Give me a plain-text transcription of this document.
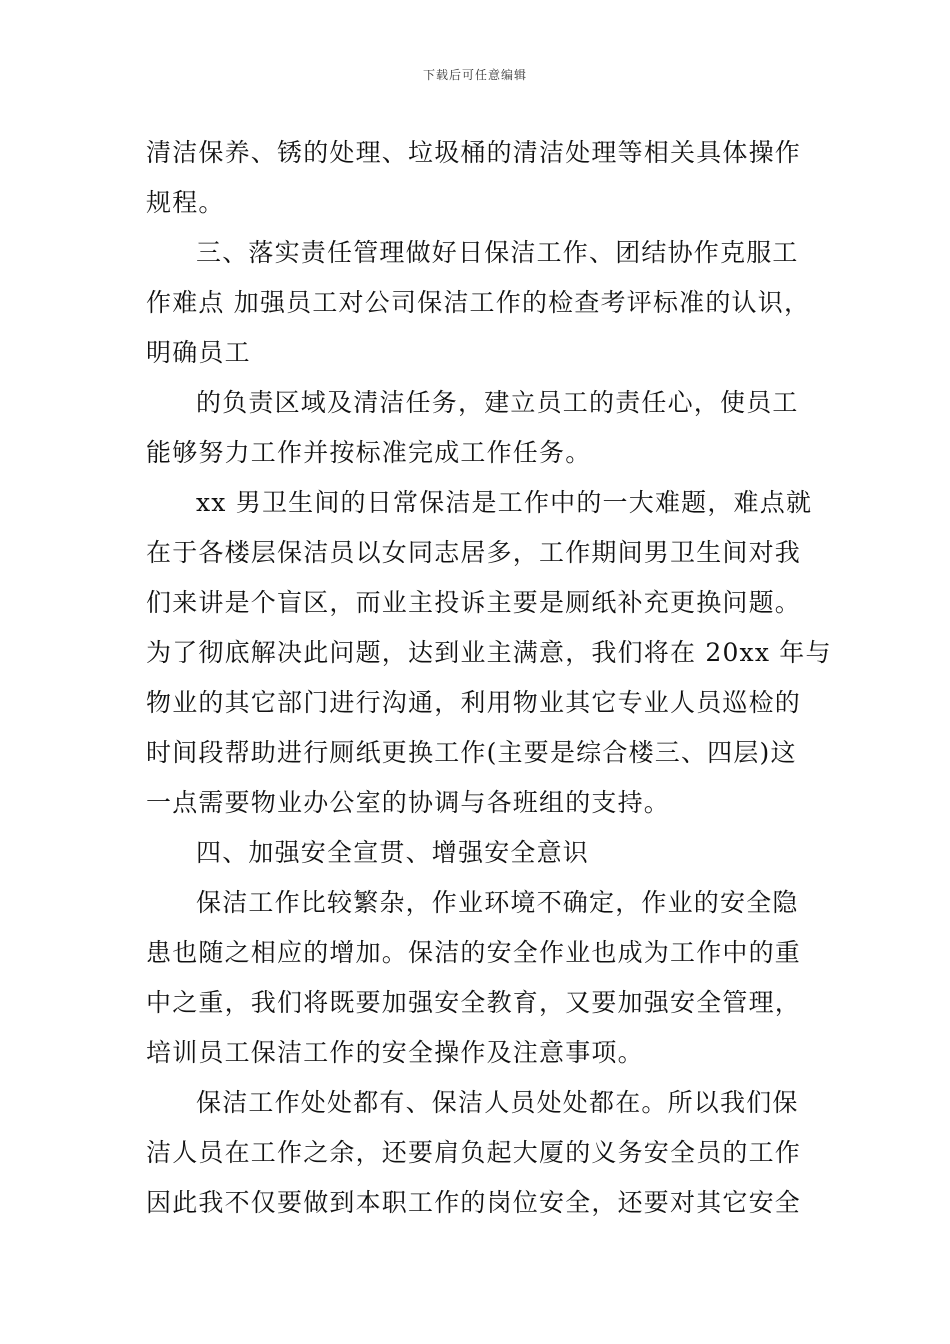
下载后可任意编辑
清洁保养、锈的处理、垃圾桶的清洁处理等相关具体操作
规程。
三、落实责任管理做好日保洁工作、团结协作克服工
作难点 加强员工对公司保洁工作的检查考评标准的认识，
明确员工
的负责区域及清洁任务，建立员工的责任心，使员工
能够努力工作并按标准完成工作任务。
xx 男卫生间的日常保洁是工作中的一大难题，难点就
在于各楼层保洁员以女同志居多，工作期间男卫生间对我
们来讲是个盲区，而业主投诉主要是厕纸补充更换问题。
为了彻底解决此问题，达到业主满意，我们将在 20xx 年与
物业的其它部门进行沟通，利用物业其它专业人员巡检的
时间段帮助进行厕纸更换工作(主要是综合楼三、四层)这
一点需要物业办公室的协调与各班组的支持。
四、加强安全宣贯、增强安全意识
保洁工作比较繁杂，作业环境不确定，作业的安全隐
患也随之相应的增加。保洁的安全作业也成为工作中的重
中之重，我们将既要加强安全教育，又要加强安全管理，
培训员工保洁工作的安全操作及注意事项。
保洁工作处处都有、保洁人员处处都在。所以我们保
洁人员在工作之余，还要肩负起大厦的义务安全员的工作
因此我不仅要做到本职工作的岗位安全，还要对其它安全
